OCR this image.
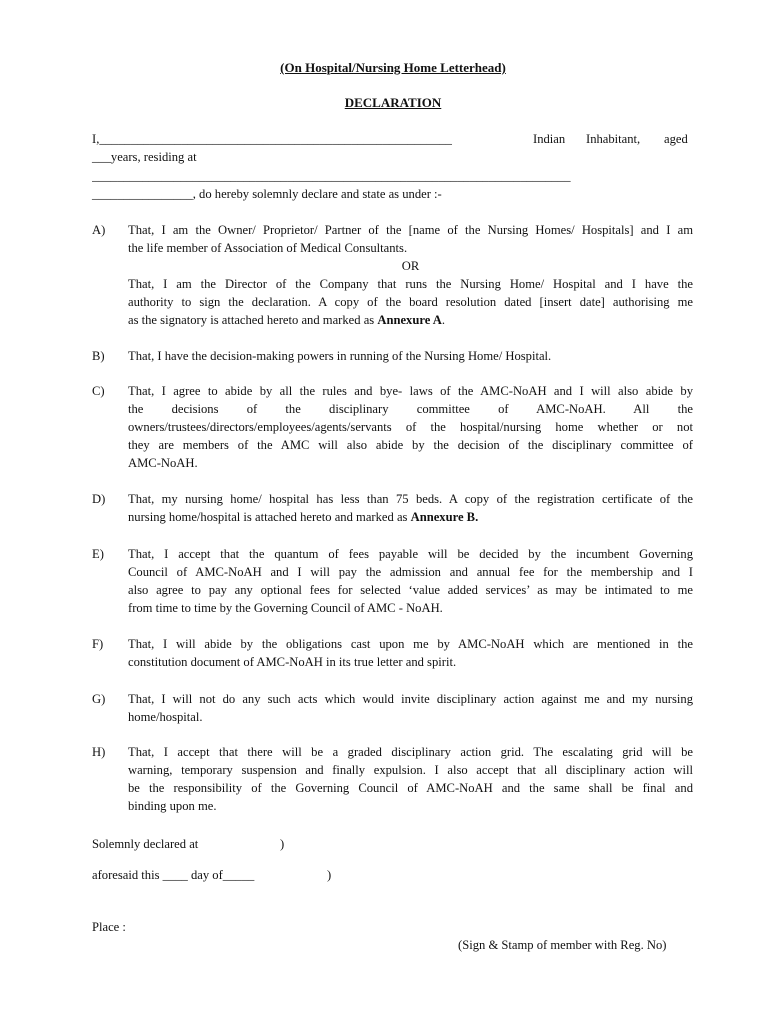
(On Hospital/Nursing Home Letterhead)
DECLARATION
I,________________________________________________________	Indian Inhabitant, aged
___years, residing at
____________________________________________________________________________
________________, do hereby solemnly declare and state as under :-
A) That, I am the Owner/ Proprietor/ Partner of the [name of the Nursing Homes/ Hospitals] and I am
the life member of Association of Medical Consultants.
OR
That, I am the Director of the Company that runs the Nursing Home/ Hospital and I have the
authority to sign the declaration. A copy of the board resolution dated [insert date] authorising me
as the signatory is attached hereto and marked as Annexure A.
B) That, I have the decision-making powers in running of the Nursing Home/ Hospital.
C) That, I agree to abide by all the rules and bye- laws of the AMC-NoAH and I will also abide by
the decisions of the disciplinary committee of AMC-NoAH. All the
owners/trustees/directors/employees/agents/servants of the hospital/nursing home whether or not
they are members of the AMC will also abide by the decision of the disciplinary committee of
AMC-NoAH.
D) That, my nursing home/ hospital has less than 75 beds. A copy of the registration certificate of the
nursing home/hospital is attached hereto and marked as Annexure B.
E) That, I accept that the quantum of fees payable will be decided by the incumbent Governing
Council of AMC-NoAH and I will pay the admission and annual fee for the membership and I
also agree to pay any optional fees for selected ‘value added services’ as may be intimated to me
from time to time by the Governing Council of AMC - NoAH.
F) That, I will abide by the obligations cast upon me by AMC-NoAH which are mentioned in the
constitution document of AMC-NoAH in its true letter and spirit.
G) That, I will not do any such acts which would invite disciplinary action against me and my nursing
home/hospital.
H) That, I accept that there will be a graded disciplinary action grid. The escalating grid will be
warning, temporary suspension and finally expulsion. I also accept that all disciplinary action will
be the responsibility of the Governing Council of AMC-NoAH and the same shall be final and
binding upon me.
Solemnly declared at	)
aforesaid this ____ day of_____	)
Place :
(Sign & Stamp of member with Reg. No)
